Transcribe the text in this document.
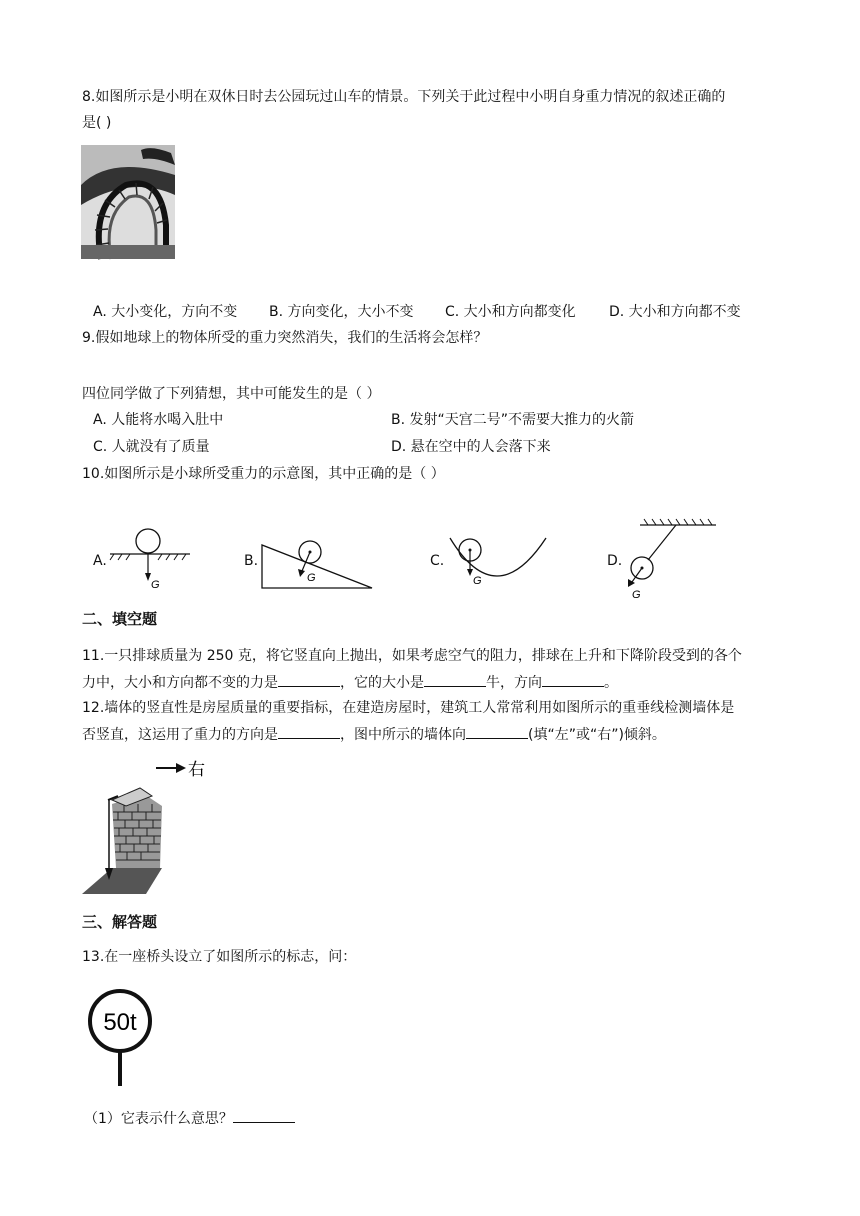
8.如图所示是小明在双休日时去公园玩过山车的情景。下列关于此过程中小明自身重力情况的叙述正确的
是( )
A. 大小变化，方向不变 B. 方向变化，大小不变 C. 大小和方向都变化 D. 大小和方向都不变
9.假如地球上的物体所受的重力突然消失，我们的生活将会怎样？
四位同学做了下列猜想，其中可能发生的是（ ）
A. 人能将水喝入肚中	B. 发射“天宫二号”不需要大推力的火箭
C. 人就没有了质量	D. 悬在空中的人会落下来
10.如图所示是小球所受重力的示意图，其中正确的是（ ）
A.
G
B.
G
C.
G
D.
G
二、填空题
11.一只排球质量为 250 克，将它竖直向上抛出，如果考虑空气的阻力，排球在上升和下降阶段受到的各个
力中，大小和方向都不变的力是	，它的大小是	牛，方向	。
12.墙体的竖直性是房屋质量的重要指标，在建造房屋时，建筑工人常常利用如图所示的重垂线检测墙体是
否竖直，这运用了重力的方向是	，图中所示的墙体向	(填“左”或“右”)倾斜。
右
三、解答题
13.在一座桥头设立了如图所示的标志，问：
50t
（1）它表示什么意思？
